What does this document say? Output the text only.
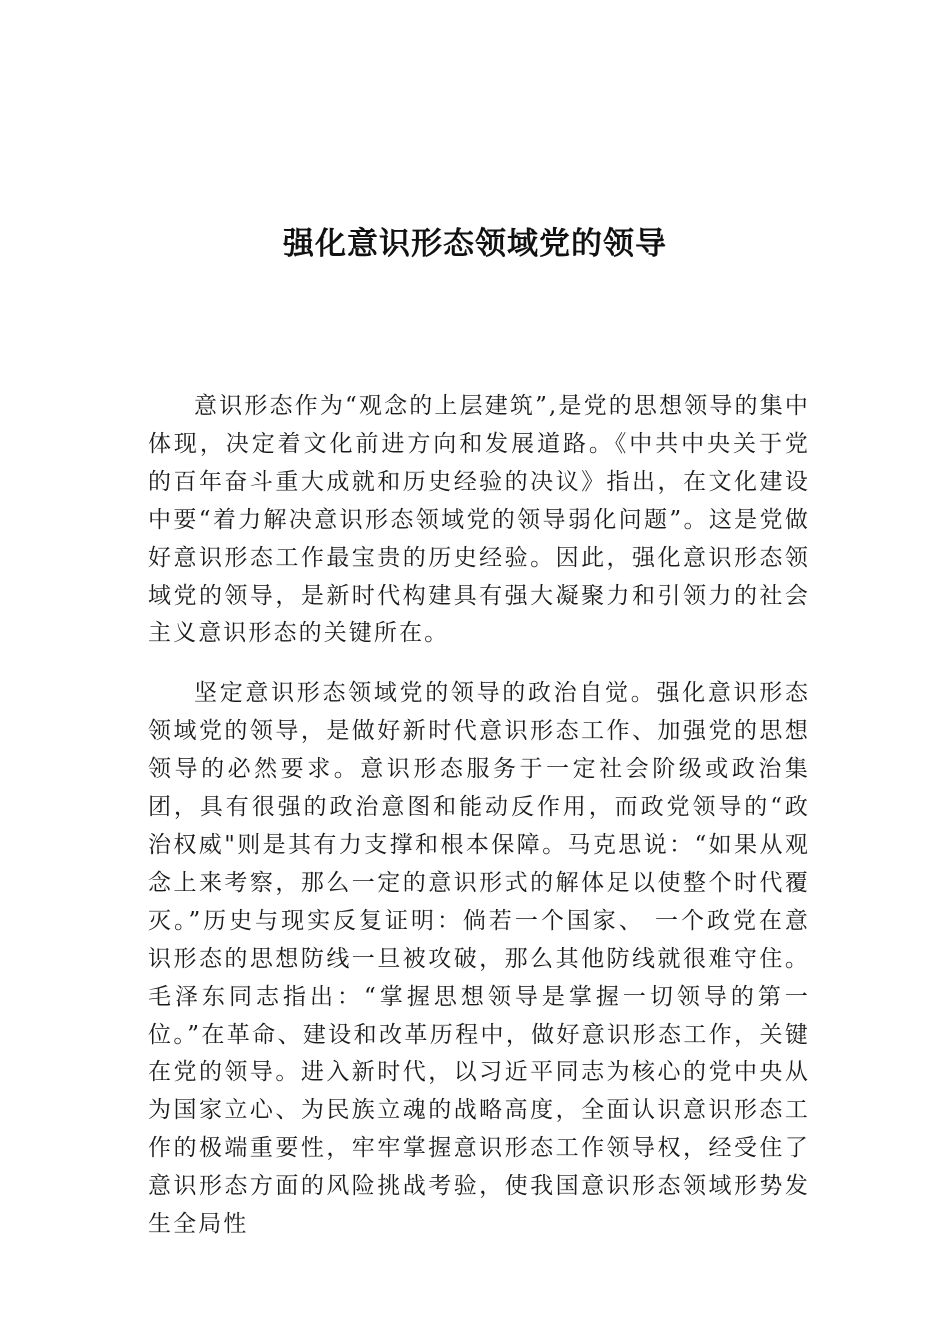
强化意识形态领域党的领导

意识形态作为“观念的上层建筑”,是党的思想领导的集中体现，决定着文化前进方向和发展道路。《中共中央关于党的百年奋斗重大成就和历史经验的决议》指出，在文化建设中要“着力解决意识形态领域党的领导弱化问题”。这是党做好意识形态工作最宝贵的历史经验。因此，强化意识形态领域党的领导，是新时代构建具有强大凝聚力和引领力的社会主义意识形态的关键所在。

坚定意识形态领域党的领导的政治自觉。强化意识形态领域党的领导，是做好新时代意识形态工作、加强党的思想领导的必然要求。意识形态服务于一定社会阶级或政治集团，具有很强的政治意图和能动反作用，而政党领导的“政治权威"则是其有力支撑和根本保障。马克思说：“如果从观念上来考察，那么一定的意识形式的解体足以使整个时代覆灭。”历史与现实反复证明：倘若一个国家、 一个政党在意识形态的思想防线一旦被攻破，那么其他防线就很难守住。毛泽东同志指出：“掌握思想领导是掌握一切领导的第一位。”在革命、建设和改革历程中，做好意识形态工作，关键在党的领导。进入新时代，以习近平同志为核心的党中央从为国家立心、为民族立魂的战略高度，全面认识意识形态工作的极端重要性，牢牢掌握意识形态工作领导权，经受住了意识形态方面的风险挑战考验，使我国意识形态领域形势发生全局性
